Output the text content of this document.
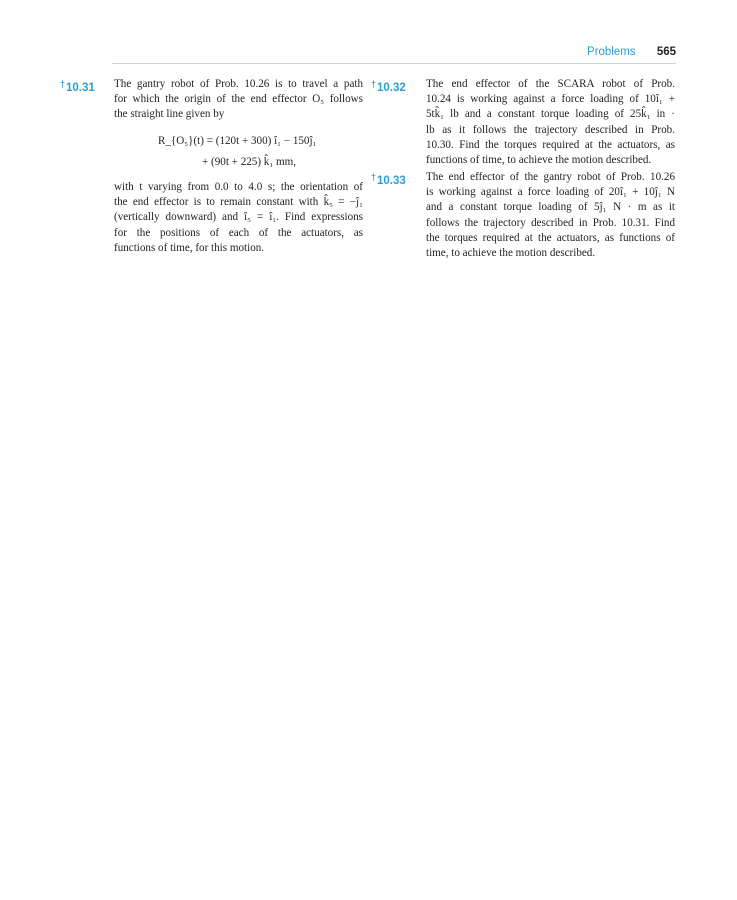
Problems 565
†10.31 The gantry robot of Prob. 10.26 is to travel a path
for which the origin of the end effector O₅ follows
the straight line given by
R_{O₅}(t) = (120t + 300) î₁ − 150ĵ₁
+ (90t + 225) k̂₁ mm,
with t varying from 0.0 to 4.0 s; the orientation of
the end effector is to remain constant with k̂₅ = −ĵ₁
(vertically downward) and î₅ = î₁. Find expressions
for the positions of each of the actuators, as
functions of time, for this motion.
†10.32 The end effector of the SCARA robot of Prob.
10.24 is working against a force loading of 10î₁ +
5tk̂₁ lb and a constant torque loading of 25k̂₁ in ·
lb as it follows the trajectory described in Prob.
10.30. Find the torques required at the actuators, as
functions of time, to achieve the motion described.
†10.33 The end effector of the gantry robot of Prob. 10.26
is working against a force loading of 20î₁ + 10ĵ₁ N
and a constant torque loading of 5ĵ₁ N · m as it
follows the trajectory described in Prob. 10.31. Find
the torques required at the actuators, as functions of
time, to achieve the motion described.
